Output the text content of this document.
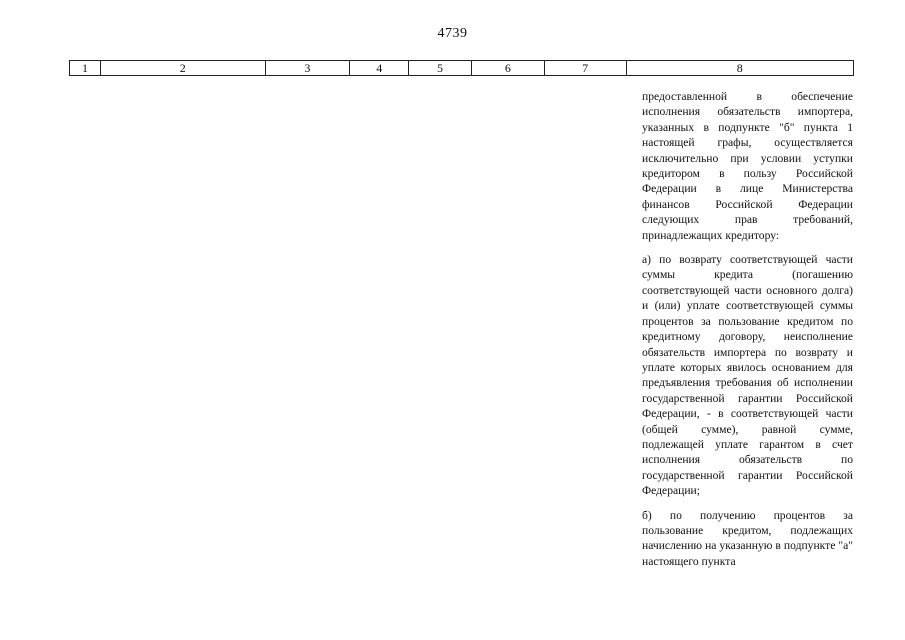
4739
1	2	3	4	5	6	7	8

предоставленной в обеспечение исполнения обязательств импортера, указанных в подпункте "б" пункта 1 настоящей графы, осуществляется исключительно при условии уступки кредитором в пользу Российской Федерации в лице Министерства финансов Российской Федерации следующих прав требований, принадлежащих кредитору:

а) по возврату соответствующей части суммы кредита (погашению соответствующей части основного долга) и (или) уплате соответствующей суммы процентов за пользование кредитом по кредитному договору, неисполнение обязательств импортера по возврату и уплате которых явилось основанием для предъявления требования об исполнении государственной гарантии Российской Федерации, - в соответствующей части (общей сумме), равной сумме, подлежащей уплате гарантом в счет исполнения обязательств по государственной гарантии Российской Федерации;

б) по получению процентов за пользование кредитом, подлежащих начислению на указанную в подпункте "а" настоящего пункта
